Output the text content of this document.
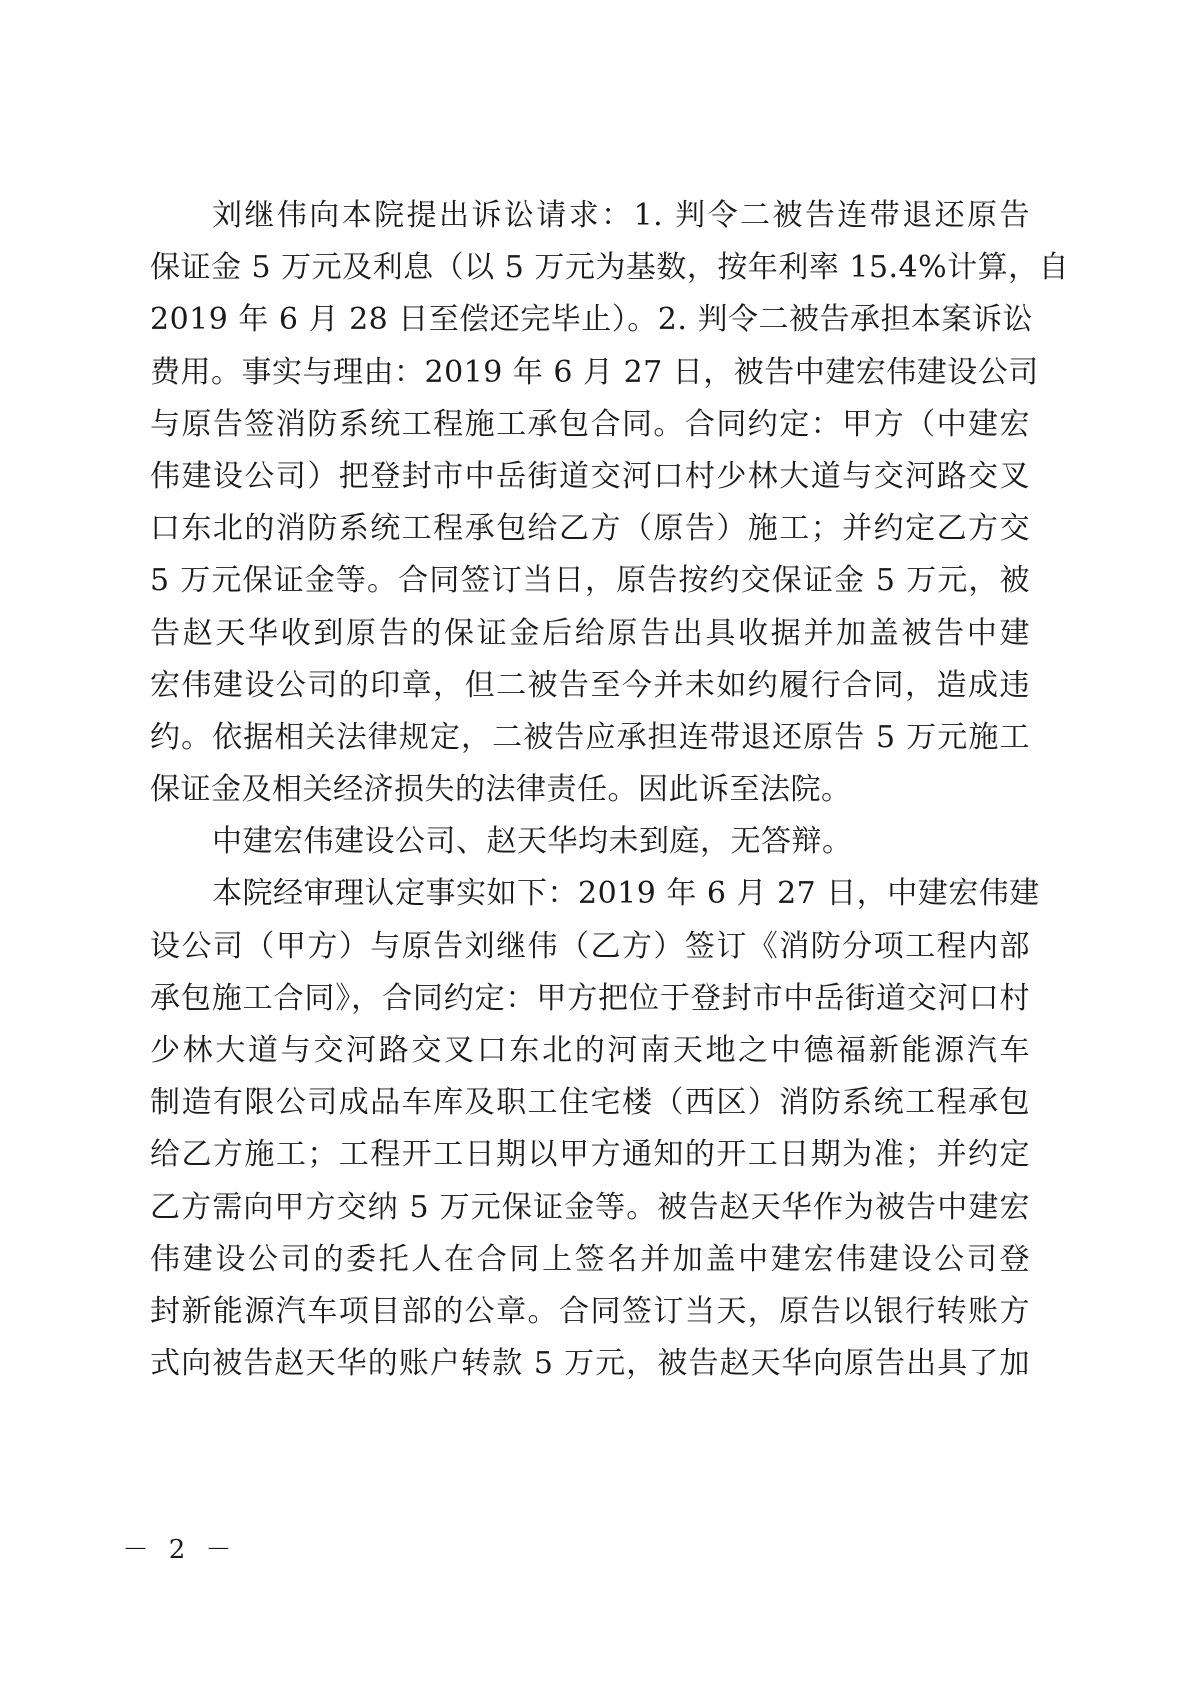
刘继伟向本院提出诉讼请求：1. 判令二被告连带退还原告
保证金 5 万元及利息（以 5 万元为基数，按年利率 15.4%计算，自
2019 年 6 月 28 日至偿还完毕止）。2. 判令二被告承担本案诉讼
费用。事实与理由：2019 年 6 月 27 日，被告中建宏伟建设公司
与原告签消防系统工程施工承包合同。合同约定：甲方（中建宏
伟建设公司）把登封市中岳街道交河口村少林大道与交河路交叉
口东北的消防系统工程承包给乙方（原告）施工；并约定乙方交
5 万元保证金等。合同签订当日，原告按约交保证金 5 万元，被
告赵天华收到原告的保证金后给原告出具收据并加盖被告中建
宏伟建设公司的印章，但二被告至今并未如约履行合同，造成违
约。依据相关法律规定，二被告应承担连带退还原告 5 万元施工
保证金及相关经济损失的法律责任。因此诉至法院。
中建宏伟建设公司、赵天华均未到庭，无答辩。
本院经审理认定事实如下：2019 年 6 月 27 日，中建宏伟建
设公司（甲方）与原告刘继伟（乙方）签订《消防分项工程内部
承包施工合同》，合同约定：甲方把位于登封市中岳街道交河口村
少林大道与交河路交叉口东北的河南天地之中德福新能源汽车
制造有限公司成品车库及职工住宅楼（西区）消防系统工程承包
给乙方施工；工程开工日期以甲方通知的开工日期为准；并约定
乙方需向甲方交纳 5 万元保证金等。被告赵天华作为被告中建宏
伟建设公司的委托人在合同上签名并加盖中建宏伟建设公司登
封新能源汽车项目部的公章。合同签订当天，原告以银行转账方
式向被告赵天华的账户转款 5 万元，被告赵天华向原告出具了加
－ 2 －
